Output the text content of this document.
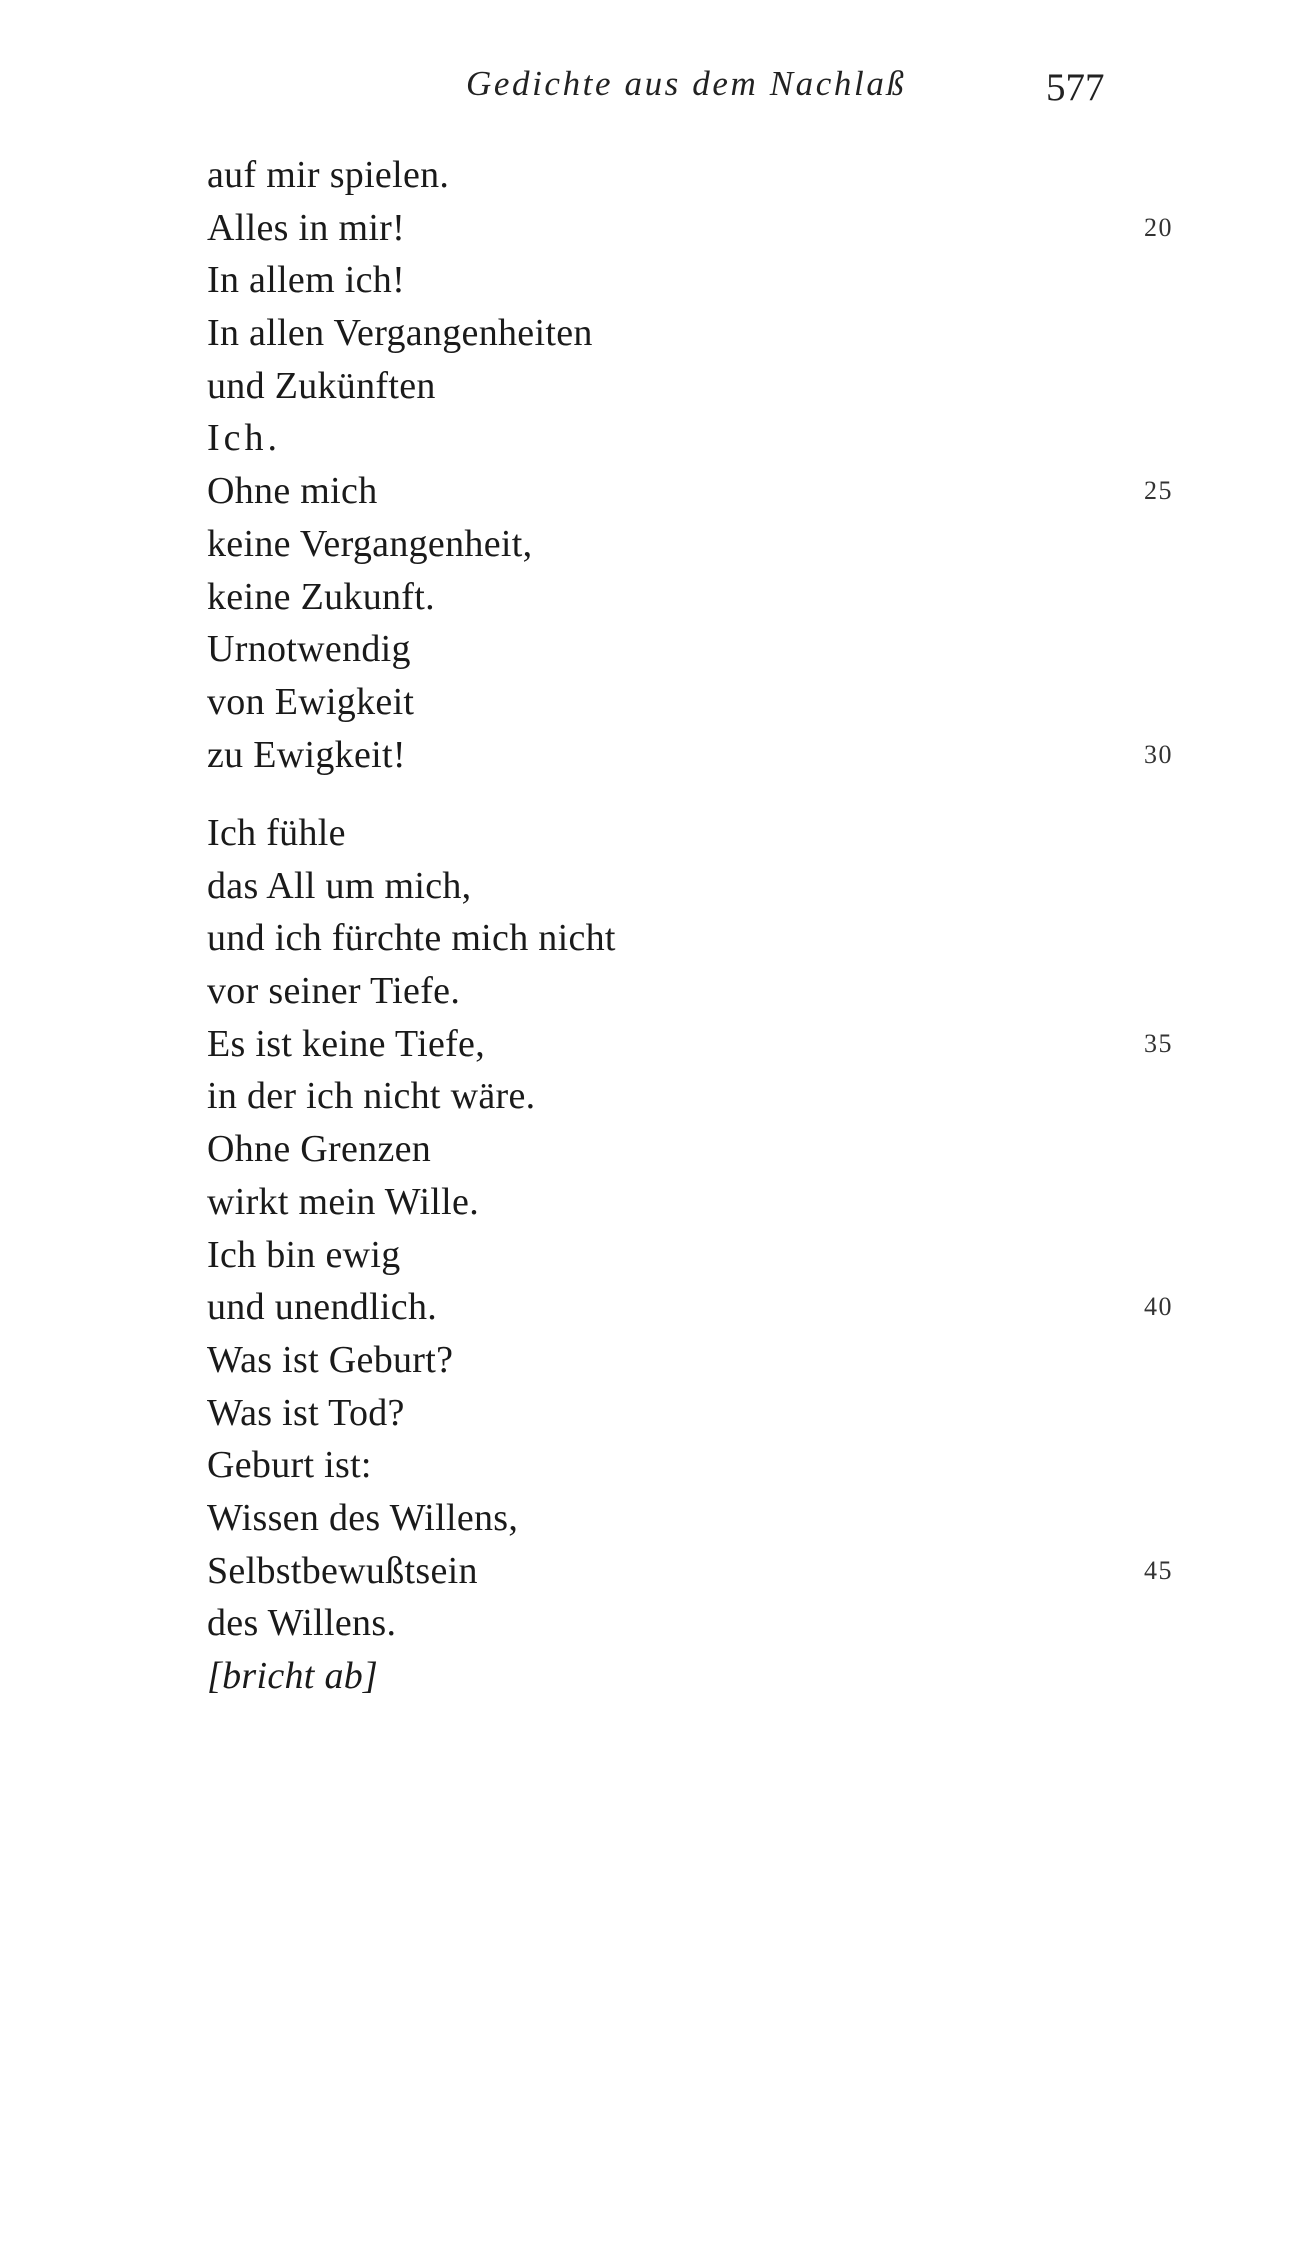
Gedichte aus dem Nachlaß	577
auf mir spielen.
Alles in mir!	20
In allem ich!
In allen Vergangenheiten
und Zukünften
Ich.
Ohne mich	25
keine Vergangenheit,
keine Zukunft.
Urnotwendig
von Ewigkeit
zu Ewigkeit!	30
Ich fühle
das All um mich,
und ich fürchte mich nicht
vor seiner Tiefe.
Es ist keine Tiefe,	35
in der ich nicht wäre.
Ohne Grenzen
wirkt mein Wille.
Ich bin ewig
und unendlich.	40
Was ist Geburt?
Was ist Tod?
Geburt ist:
Wissen des Willens,
Selbstbewußtsein	45
des Willens.
[bricht ab]
